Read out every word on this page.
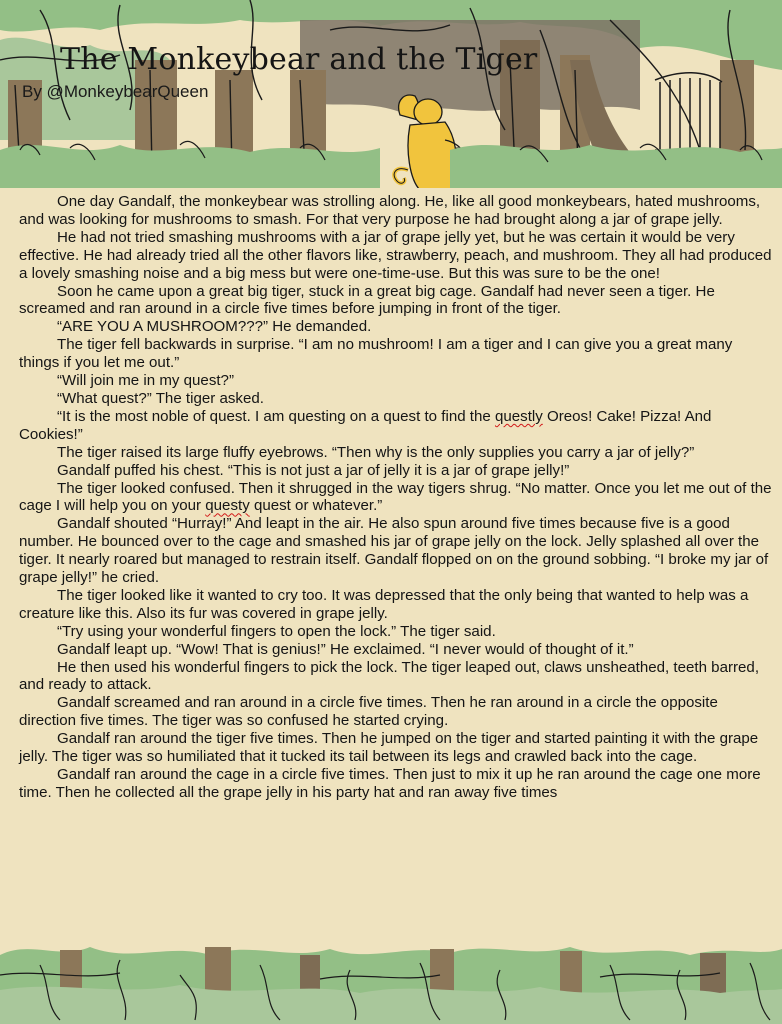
The Monkeybear and the Tiger
By @MonkeybearQueen

One day Gandalf, the monkeybear was strolling along. He, like all good monkeybears, hated mushrooms, and was looking for mushrooms to smash. For that very purpose he had brought along a jar of grape jelly.

He had not tried smashing mushrooms with a jar of grape jelly yet, but he was certain it would be very effective. He had already tried all the other flavors like, strawberry, peach, and mushroom. They all had produced a lovely smashing noise and a big mess but were one-time-use. But this was sure to be the one!

Soon he came upon a great big tiger, stuck in a great big cage. Gandalf had never seen a tiger. He screamed and ran around in a circle five times before jumping in front of the tiger.

“ARE YOU A MUSHROOM???” He demanded.

The tiger fell backwards in surprise. “I am no mushroom! I am a tiger and I can give you a great many things if you let me out.”

“Will join me in my quest?”

“What quest?” The tiger asked.

“It is the most noble of quest. I am questing on a quest to find the questly Oreos! Cake! Pizza! And Cookies!”

The tiger raised its large fluffy eyebrows. “Then why is the only supplies you carry a jar of jelly?”

Gandalf puffed his chest. “This is not just a jar of jelly it is a jar of grape jelly!”

The tiger looked confused. Then it shrugged in the way tigers shrug. “No matter. Once you let me out of the cage I will help you on your questy quest or whatever.”

Gandalf shouted “Hurray!” And leapt in the air. He also spun around five times because five is a good number. He bounced over to the cage and smashed his jar of grape jelly on the lock. Jelly splashed all over the tiger. It nearly roared but managed to restrain itself. Gandalf flopped on on the ground sobbing. “I broke my jar of grape jelly!” he cried.

The tiger looked like it wanted to cry too. It was depressed that the only being that wanted to help was a creature like this. Also its fur was covered in grape jelly.

“Try using your wonderful fingers to open the lock.” The tiger said.

Gandalf leapt up. “Wow! That is genius!” He exclaimed. “I never would of thought of it.”

He then used his wonderful fingers to pick the lock. The tiger leaped out, claws unsheathed, teeth barred, and ready to attack.

Gandalf screamed and ran around in a circle five times. Then he ran around in a circle the opposite direction five times. The tiger was so confused he started crying.

Gandalf ran around the tiger five times. Then he jumped on the tiger and started painting it with the grape jelly. The tiger was so humiliated that it tucked its tail between its legs and crawled back into the cage.

Gandalf ran around the cage in a circle five times. Then just to mix it up he ran around the cage one more time. Then he collected all the grape jelly in his party hat and ran away five times
